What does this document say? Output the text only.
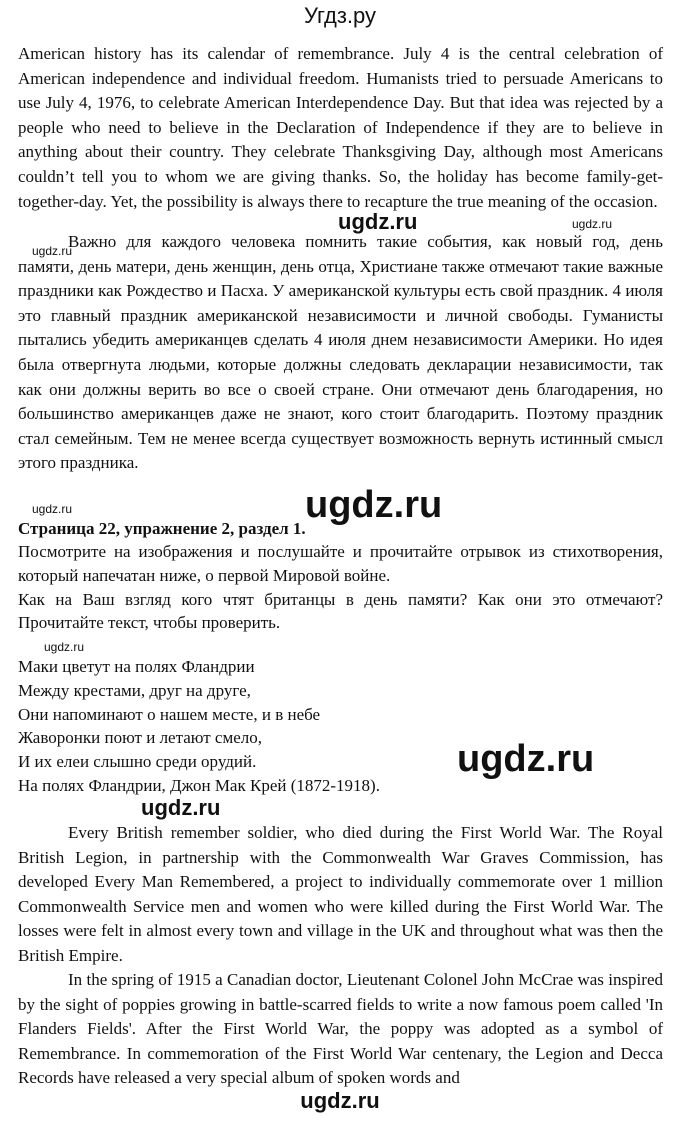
Угдз.ру
American history has its calendar of remembrance. July 4 is the central celebration of American independence and individual freedom. Humanists tried to persuade Americans to use July 4, 1976, to celebrate American Interdependence Day. But that idea was rejected by a people who need to believe in the Declaration of Independence if they are to believe in anything about their country. They celebrate Thanksgiving Day, although most Americans couldn’t tell you to whom we are giving thanks. So, the holiday has become family-get-together-day. Yet, the possibility is always there to recapture the true meaning of the occasion.
ugdz.ru	ugdz.ru
ugdz.ru
Важно для каждого человека помнить такие события, как новый год, день памяти, день матери, день женщин, день отца, Христиане также отмечают такие важные праздники как Рождество и Пасха. У американской культуры есть свой праздник. 4 июля это главный праздник американской независимости и личной свободы. Гуманисты пытались убедить американцев сделать 4 июля днем независимости Америки. Но идея была отвергнута людьми, которые должны следовать декларации независимости, так как они должны верить во все о своей стране. Они отмечают день благодарения, но большинство американцев даже не знают, кого стоит благодарить. Поэтому праздник стал семейным. Тем не менее всегда существует возможность вернуть истинный смысл этого праздника.
ugdz.ru	ugdz.ru
Страница 22, упражнение 2, раздел 1.
Посмотрите на изображения и послушайте и прочитайте отрывок из стихотворения, который напечатан ниже, о первой Мировой войне.
Как на Ваш взгляд кого чтят британцы в день памяти? Как они это отмечают? Прочитайте текст, чтобы проверить.
ugdz.ru
Маки цветут на полях Фландрии
Между крестами, друг на друге,
Они напоминают о нашем месте, и в небе
Жаворонки поют и летают смело,
И их елеи слышно среди орудий.
На полях Фландрии, Джон Мак Крей (1872-1918).
ugdz.ru
ugdz.ru
Every British remember soldier, who died during the First World War. The Royal British Legion, in partnership with the Commonwealth War Graves Commission, has developed Every Man Remembered, a project to individually commemorate over 1 million Commonwealth Service men and women who were killed during the First World War. The losses were felt in almost every town and village in the UK and throughout what was then the British Empire.
In the spring of 1915 a Canadian doctor, Lieutenant Colonel John McCrae was inspired by the sight of poppies growing in battle-scarred fields to write a now famous poem called 'In Flanders Fields'. After the First World War, the poppy was adopted as a symbol of Remembrance. In commemoration of the First World War centenary, the Legion and Decca Records have released a very special album of spoken words and
ugdz.ru
